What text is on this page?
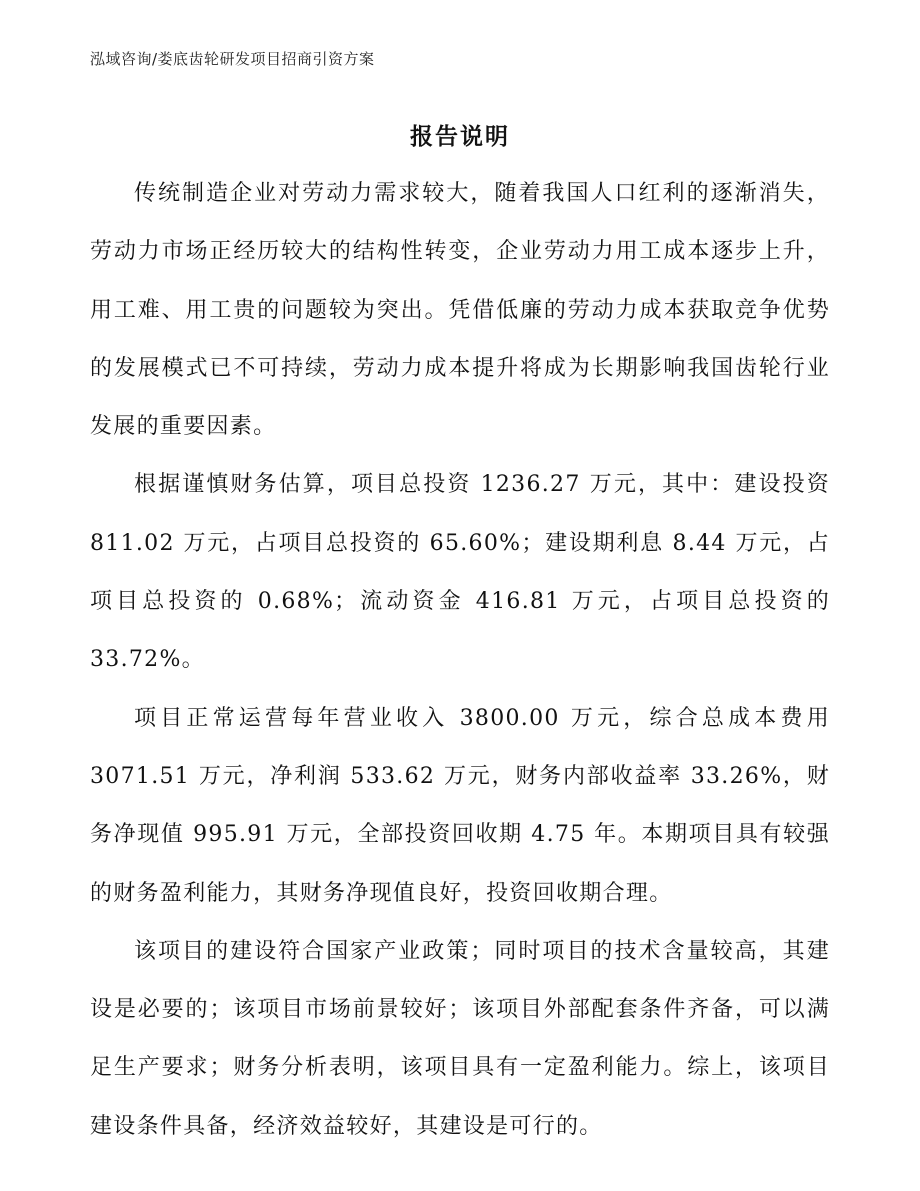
泓域咨询/娄底齿轮研发项目招商引资方案
报告说明

传统制造企业对劳动力需求较大，随着我国人口红利的逐渐消失，劳动力市场正经历较大的结构性转变，企业劳动力用工成本逐步上升，用工难、用工贵的问题较为突出。凭借低廉的劳动力成本获取竞争优势的发展模式已不可持续，劳动力成本提升将成为长期影响我国齿轮行业发展的重要因素。

根据谨慎财务估算，项目总投资 1236.27 万元，其中：建设投资 811.02 万元，占项目总投资的 65.60%；建设期利息 8.44 万元，占项目总投资的 0.68%；流动资金 416.81 万元，占项目总投资的 33.72%。

项目正常运营每年营业收入 3800.00 万元，综合总成本费用 3071.51 万元，净利润 533.62 万元，财务内部收益率 33.26%，财务净现值 995.91 万元，全部投资回收期 4.75 年。本期项目具有较强的财务盈利能力，其财务净现值良好，投资回收期合理。

该项目的建设符合国家产业政策；同时项目的技术含量较高，其建设是必要的；该项目市场前景较好；该项目外部配套条件齐备，可以满足生产要求；财务分析表明，该项目具有一定盈利能力。综上，该项目建设条件具备，经济效益较好，其建设是可行的。
